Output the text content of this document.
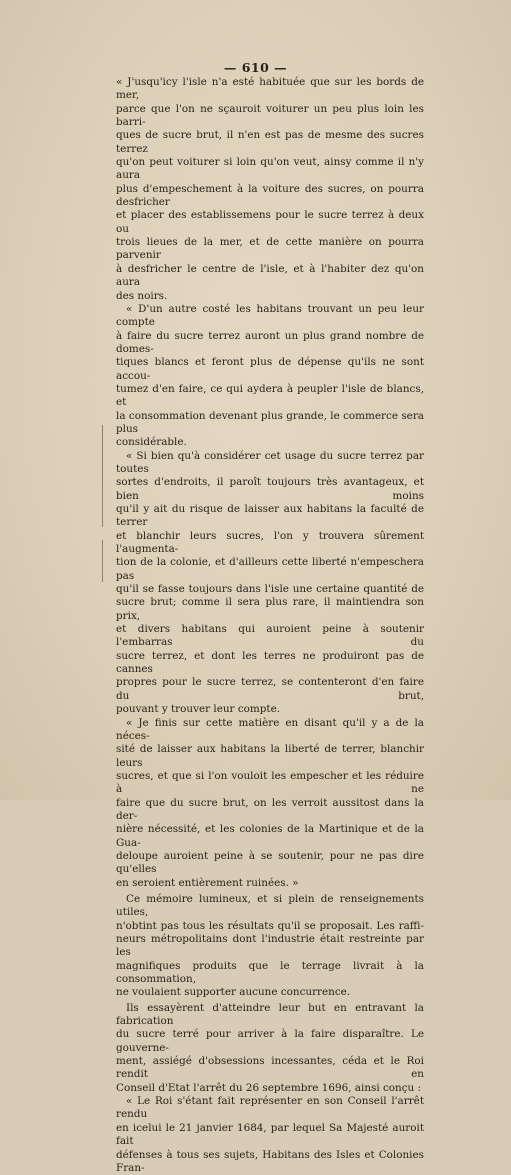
— 610 —

« J'usqu'icy l'isle n'a esté habituée que sur les bords de mer,

parce que l'on ne sçauroit voiturer un peu plus loin les barri-

ques de sucre brut, il n'en est pas de mesme des sucres terrez

qu'on peut voiturer si loin qu'on veut, ainsy comme il n'y aura

plus d'empeschement à la voiture des sucres, on pourra desfricher

et placer des establissemens pour le sucre terrez à deux ou

trois lieues de la mer, et de cette manière on pourra parvenir

à desfricher le centre de l'isle, et à l'habiter dez qu'on aura

des noirs.

« D'un autre costé les habitans trouvant un peu leur compte

à faire du sucre terrez auront un plus grand nombre de domes-

tiques blancs et feront plus de dépense qu'ils ne sont accou-

tumez d'en faire, ce qui aydera à peupler l'isle de blancs, et

la consommation devenant plus grande, le commerce sera plus

considérable.

« Si bien qu'à considérer cet usage du sucre terrez par toutes

sortes d'endroits, il paroît toujours très avantageux, et bien moins

qu'il y ait du risque de laisser aux habitans la faculté de terrer

et blanchir leurs sucres, l'on y trouvera sûrement l'augmenta-

tion de la colonie, et d'ailleurs cette liberté n'empeschera pas

qu'il se fasse toujours dans l'isle une certaine quantité de

sucre brut; comme il sera plus rare, il maintiendra son prix,

et divers habitans qui auroient peine à soutenir l'embarras du

sucre terrez, et dont les terres ne produiront pas de cannes

propres pour le sucre terrez, se contenteront d'en faire du brut,

pouvant y trouver leur compte.

« Je finis sur cette matière en disant qu'il y a de la néces-

sité de laisser aux habitans la liberté de terrer, blanchir leurs

sucres, et que si l'on vouloit les empescher et les réduire à ne

faire que du sucre brut, on les verroit aussitost dans la der-

nière nécessité, et les colonies de la Martinique et de la Gua-

deloupe auroient peine à se soutenir, pour ne pas dire qu'elles

en seroient entièrement ruinées. »

Ce mémoire lumineux, et si plein de renseignements utiles,

n'obtint pas tous les résultats qu'il se proposait. Les raffi-

neurs métropolitains dont l'industrie était restreinte par les

magnifiques produits que le terrage livrait à la consommation,

ne voulaient supporter aucune concurrence.

Ils essayèrent d'atteindre leur but en entravant la fabrication

du sucre terré pour arriver à la faire disparaître. Le gouverne-

ment, assiégé d'obsessions incessantes, céda et le Roi rendit en

Conseil d'Etat l'arrêt du 26 septembre 1696, ainsi conçu :

« Le Roi s'étant fait représenter en son Conseil l'arrêt rendu

en icelui le 21 janvier 1684, par lequel Sa Majesté auroit fait

défenses à tous ses sujets, Habitans des Isles et Colonies Fran-
